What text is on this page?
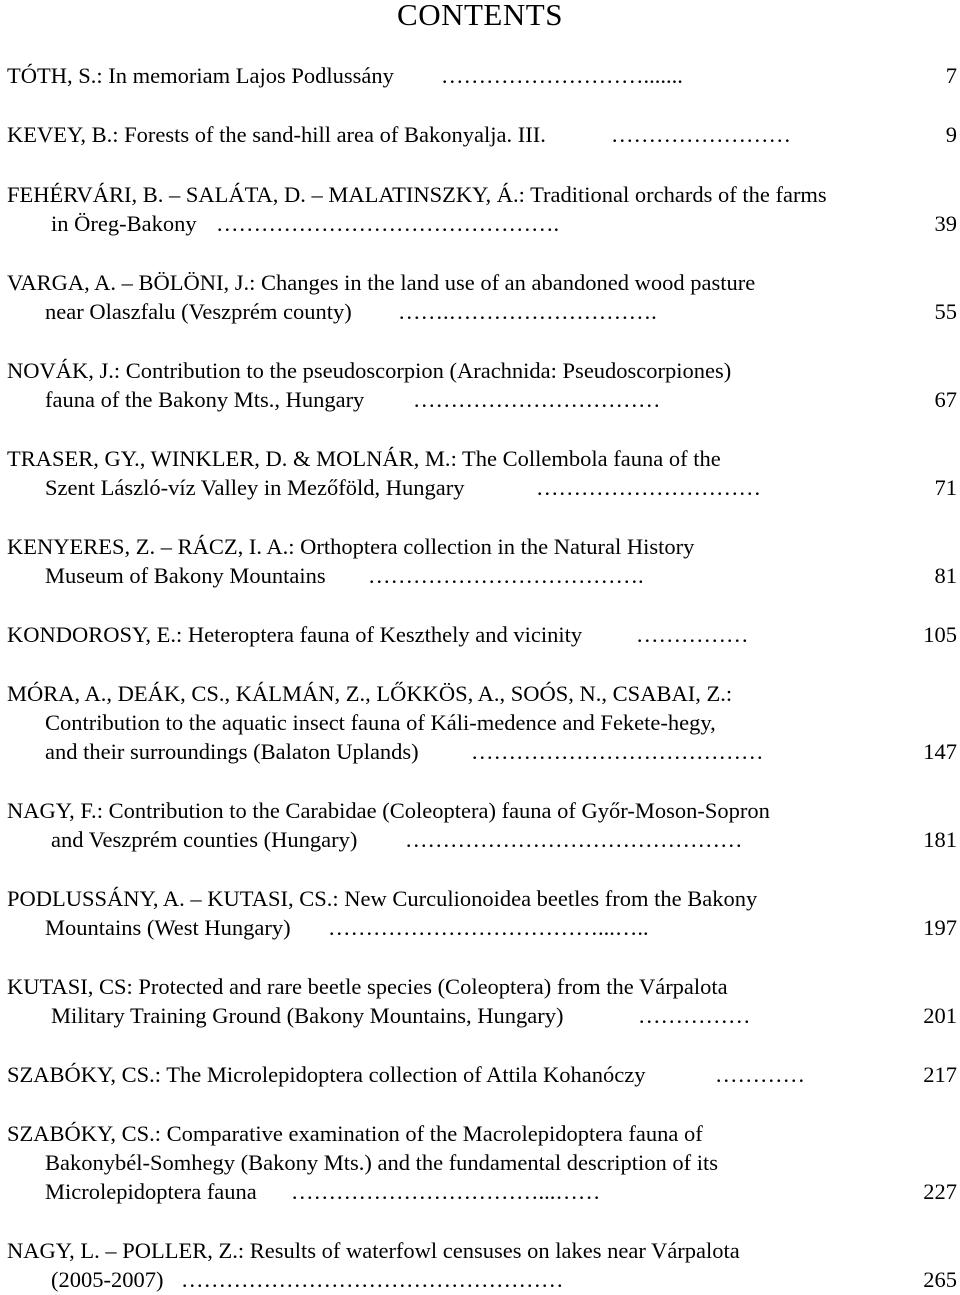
CONTENTS
TÓTH, S.: In memoriam Lajos Podlussány ……………………….......	7
KEVEY, B.: Forests of the sand-hill area of Bakonyalja. III.	……………………	9
FEHÉRVÁRI, B. – SALÁTA, D. – MALATINSZKY, Á.: Traditional orchards of the farms
in Öreg-Bakony ……………………………………….	39
VARGA, A. – BÖLÖNI, J.: Changes in the land use of an abandoned wood pasture
near Olaszfalu (Veszprém county) …….……………………….	55
NOVÁK, J.: Contribution to the pseudoscorpion (Arachnida: Pseudoscorpiones)
fauna of the Bakony Mts., Hungary ……………………………	67
TRASER, GY., WINKLER, D. & MOLNÁR, M.: The Collembola fauna of the
Szent László-víz Valley in Mezőföld, Hungary	…………………………	71
KENYERES, Z. – RÁCZ, I. A.: Orthoptera collection in the Natural History
Museum of Bakony Mountains ……………………………….	81
KONDOROSY, E.: Heteroptera fauna of Keszthely and vicinity ……………	105
MÓRA, A., DEÁK, CS., KÁLMÁN, Z., LŐKKÖS, A., SOÓS, N., CSABAI, Z.:
Contribution to the aquatic insect fauna of Káli-medence and Fekete-hegy,
and their surroundings (Balaton Uplands) …………………………………	147
NAGY, F.: Contribution to the Carabidae (Coleoptera) fauna of Győr-Moson-Sopron
and Veszprém counties (Hungary) ………………………………………	181
PODLUSSÁNY, A. – KUTASI, CS.: New Curculionoidea beetles from the Bakony
Mountains (West Hungary) ………………………………...…..	197
KUTASI, CS: Protected and rare beetle species (Coleoptera) from the Várpalota
Military Training Ground (Bakony Mountains, Hungary)	……………	201
SZABÓKY, CS.: The Microlepidoptera collection of Attila Kohanóczy	…………	217
SZABÓKY, CS.: Comparative examination of the Macrolepidoptera fauna of
Bakonybél-Somhegy (Bakony Mts.) and the fundamental description of its
Microlepidoptera fauna ……………………………...……	227
NAGY, L. – POLLER, Z.: Results of waterfowl censuses on lakes near Várpalota
(2005-2007) ……………………………………………	265
